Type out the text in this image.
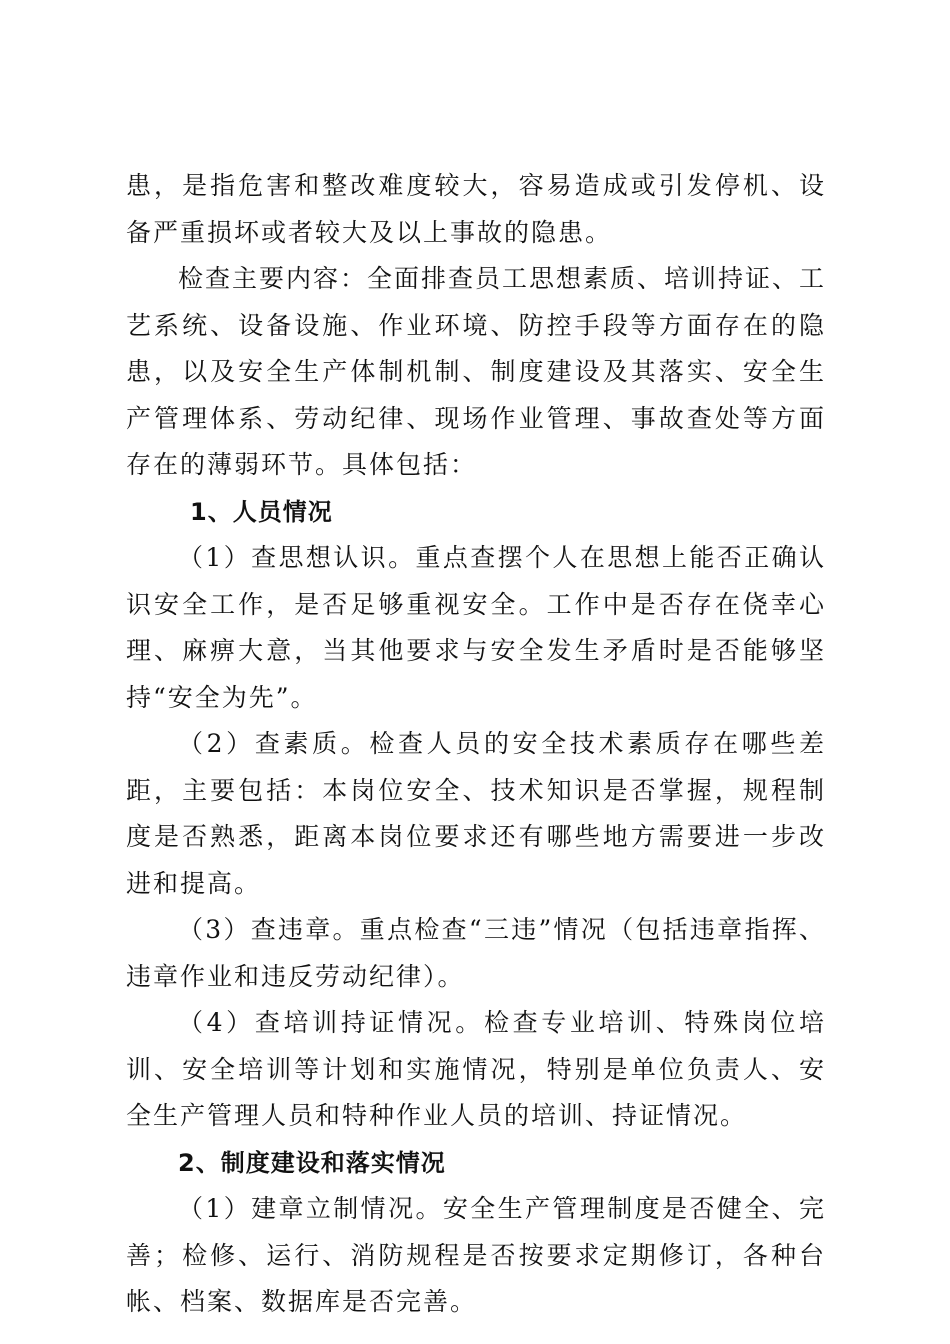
患，是指危害和整改难度较大，容易造成或引发停机、设备严重损坏或者较大及以上事故的隐患。

检查主要内容：全面排查员工思想素质、培训持证、工艺系统、设备设施、作业环境、防控手段等方面存在的隐患，以及安全生产体制机制、制度建设及其落实、安全生产管理体系、劳动纪律、现场作业管理、事故查处等方面存在的薄弱环节。具体包括：

1、人员情况

（1）查思想认识。重点查摆个人在思想上能否正确认识安全工作，是否足够重视安全。工作中是否存在侥幸心理、麻痹大意，当其他要求与安全发生矛盾时是否能够坚持“安全为先”。

（2）查素质。检查人员的安全技术素质存在哪些差距，主要包括：本岗位安全、技术知识是否掌握，规程制度是否熟悉，距离本岗位要求还有哪些地方需要进一步改进和提高。

（3）查违章。重点检查“三违”情况（包括违章指挥、违章作业和违反劳动纪律）。

（4）查培训持证情况。检查专业培训、特殊岗位培训、安全培训等计划和实施情况，特别是单位负责人、安全生产管理人员和特种作业人员的培训、持证情况。

2、制度建设和落实情况

（1）建章立制情况。安全生产管理制度是否健全、完善；检修、运行、消防规程是否按要求定期修订，各种台帐、档案、数据库是否完善。
